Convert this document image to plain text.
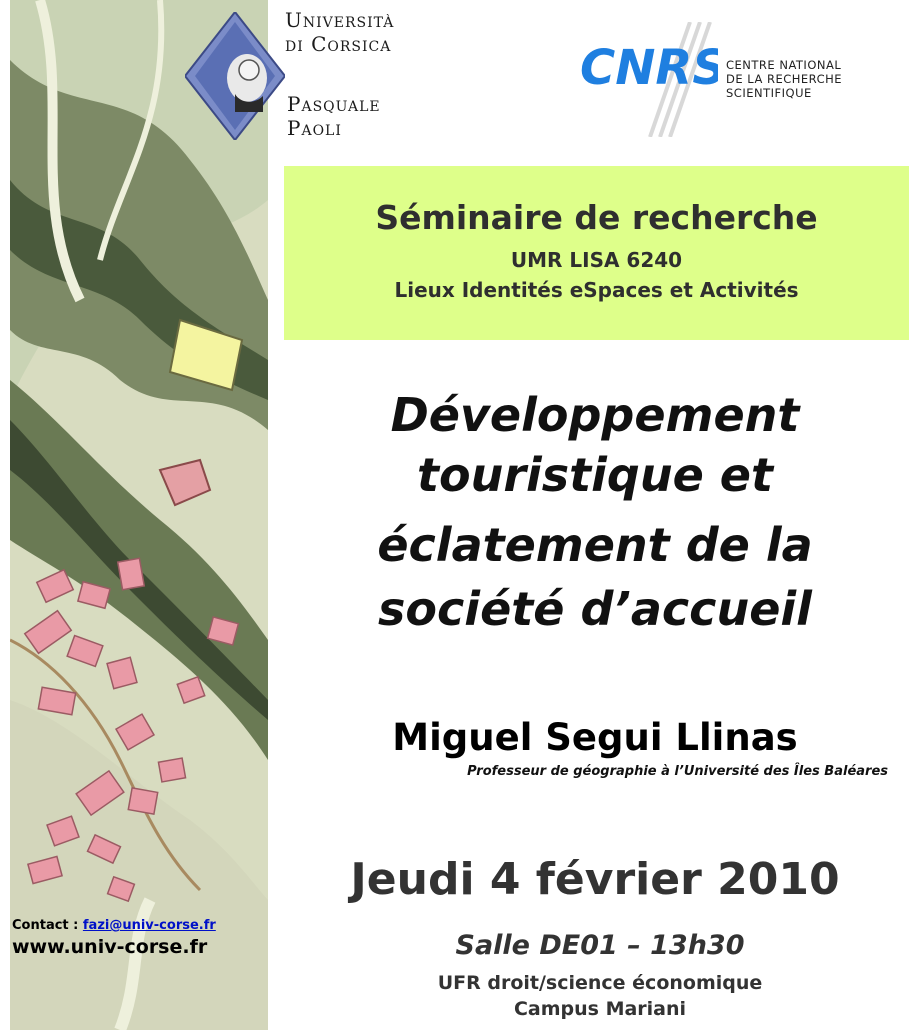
Università
di Corsica
Pasquale
Paoli
CNRS CENTRE NATIONAL
DE LA RECHERCHE
SCIENTIFIQUE
Séminaire de recherche
UMR LISA 6240
Lieux Identités eSpaces et Activités
Développement
touristique et
éclatement de la
société d’accueil
Miguel Segui Llinas
Professeur de géographie à l’Université des Îles Baléares
Jeudi 4 février 2010
Salle DE01 – 13h30
UFR droit/science économique
Campus Mariani
Contact : fazi@univ-corse.fr
www.univ-corse.fr
